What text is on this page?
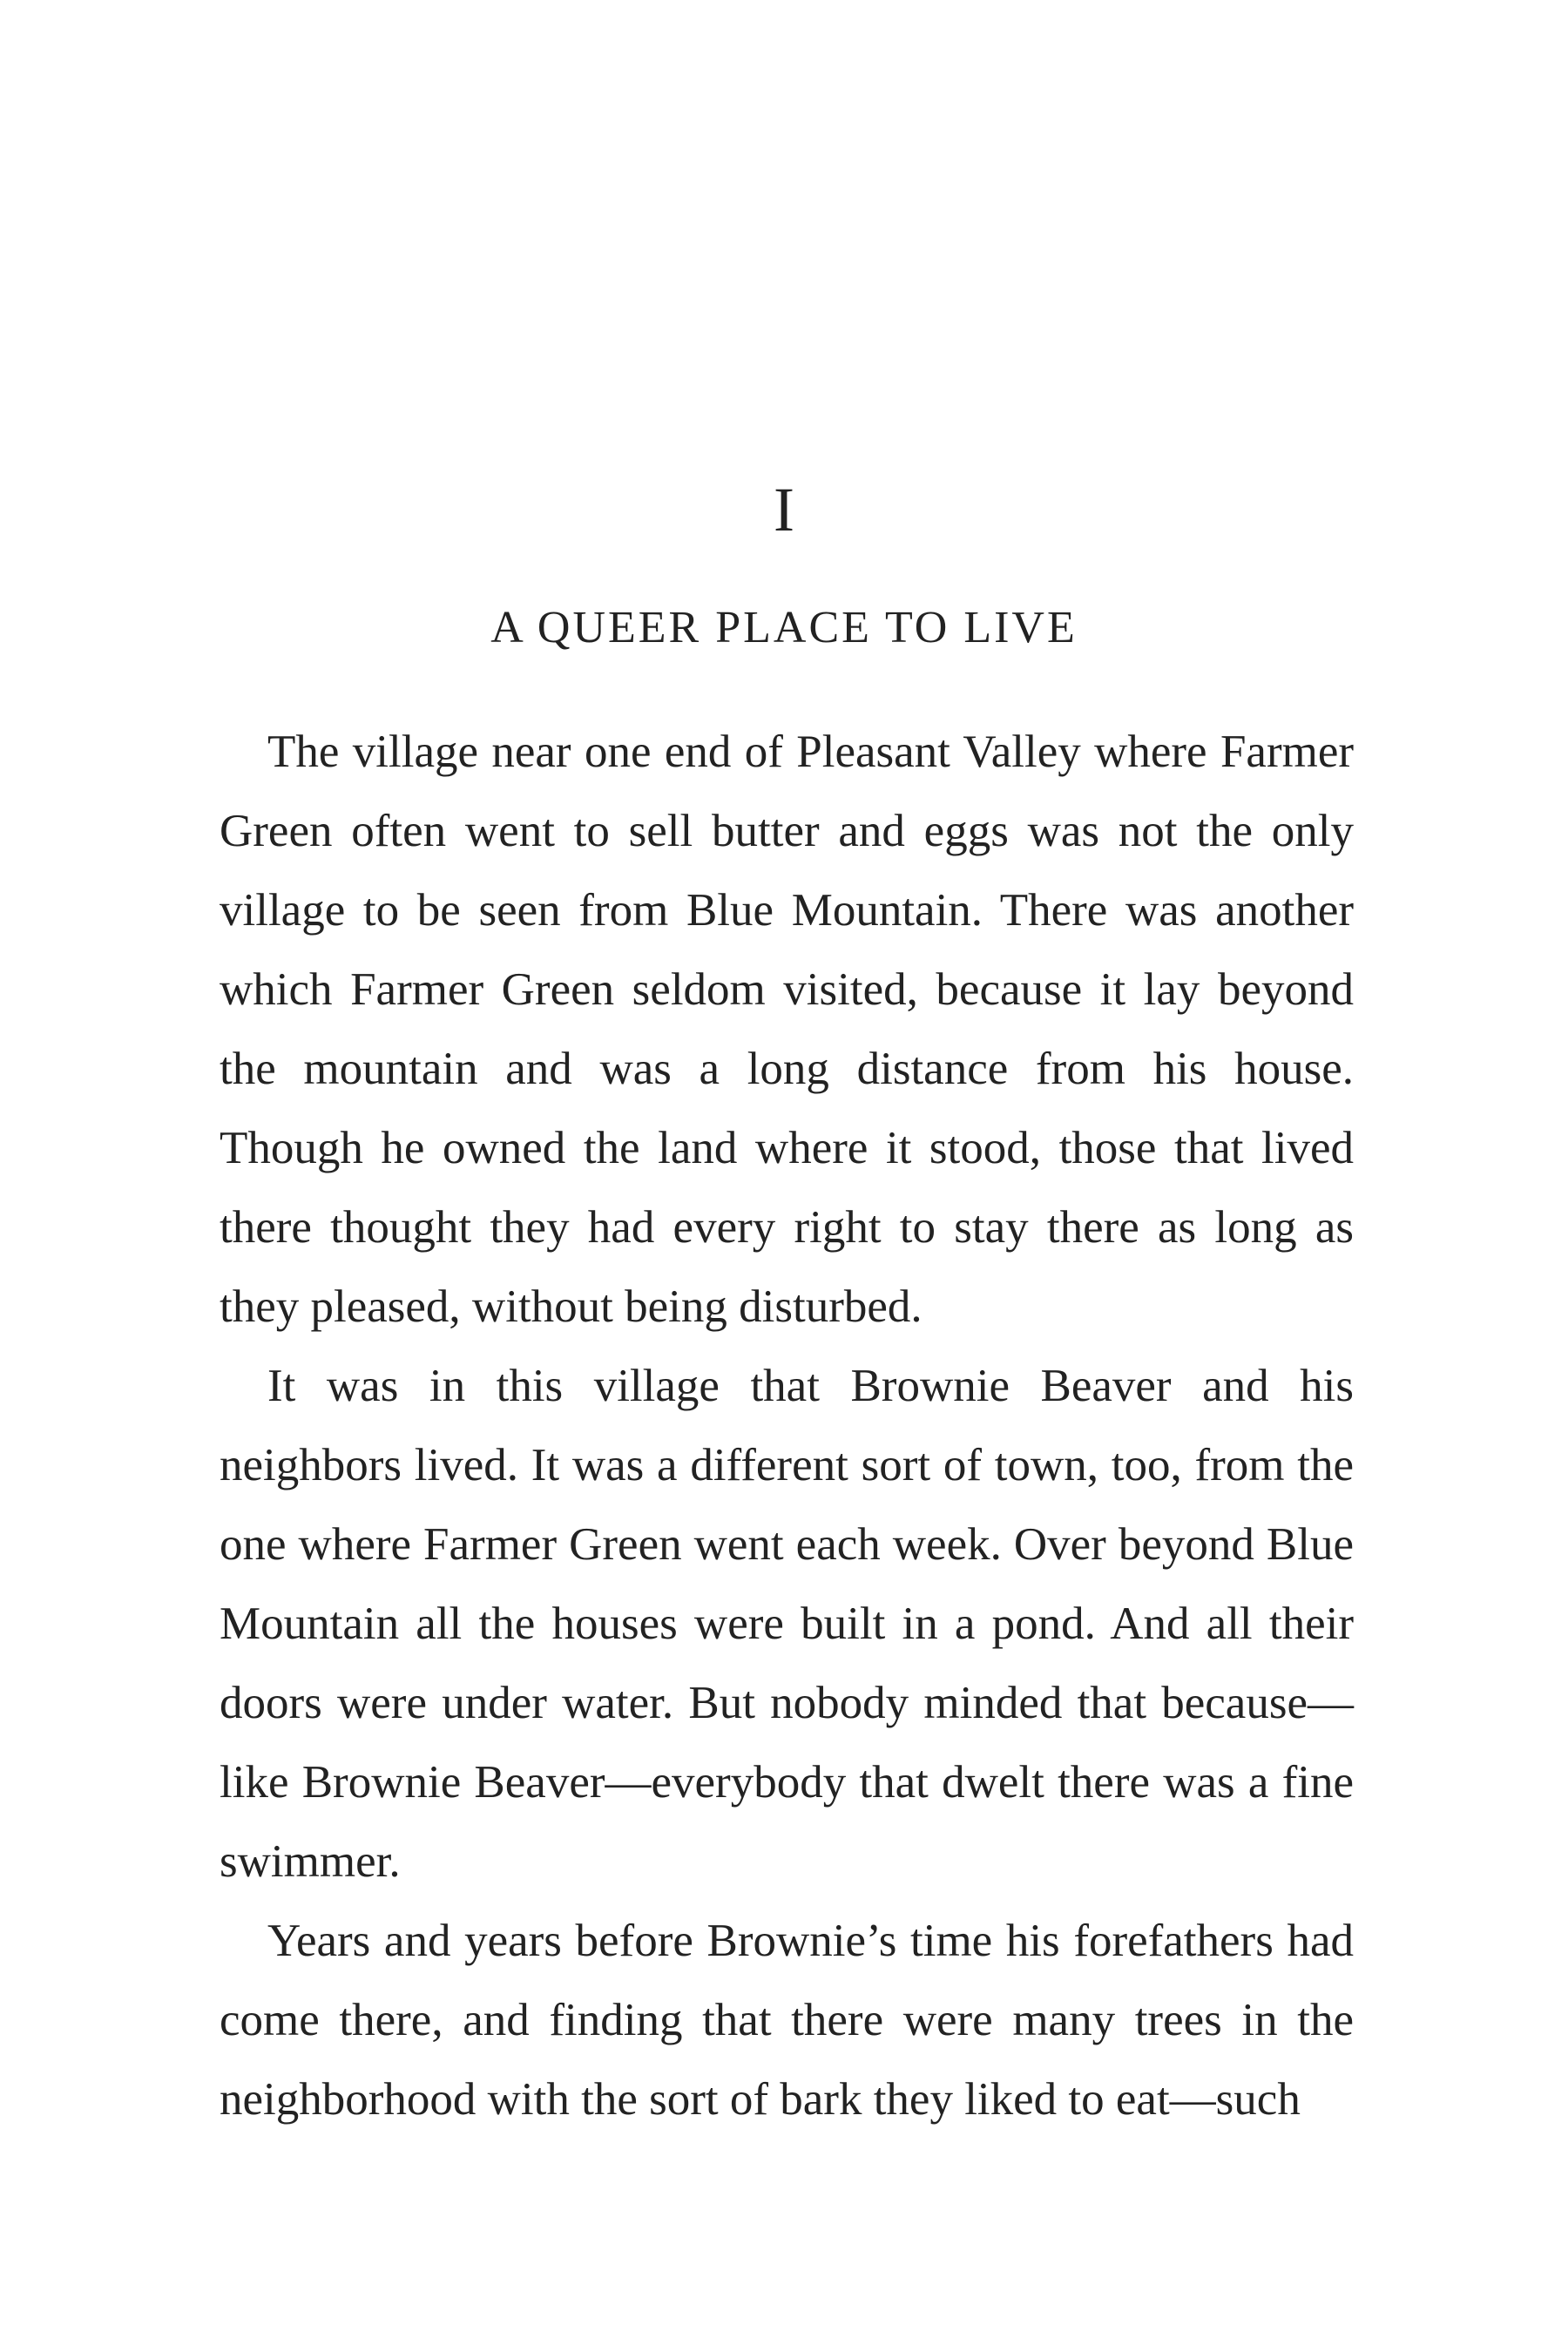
I
A QUEER PLACE TO LIVE

The village near one end of Pleasant Valley where Farmer Green often went to sell butter and eggs was not the only village to be seen from Blue Mountain. There was another which Farmer Green seldom visited, because it lay beyond the mountain and was a long distance from his house. Though he owned the land where it stood, those that lived there thought they had every right to stay there as long as they pleased, without being disturbed.

It was in this village that Brownie Beaver and his neighbors lived. It was a different sort of town, too, from the one where Farmer Green went each week. Over beyond Blue Mountain all the houses were built in a pond. And all their doors were under water. But nobody minded that because—like Brownie Beaver—everybody that dwelt there was a fine swimmer.

Years and years before Brownie’s time his forefathers had come there, and finding that there were many trees in the neighborhood with the sort of bark they liked to eat—such
